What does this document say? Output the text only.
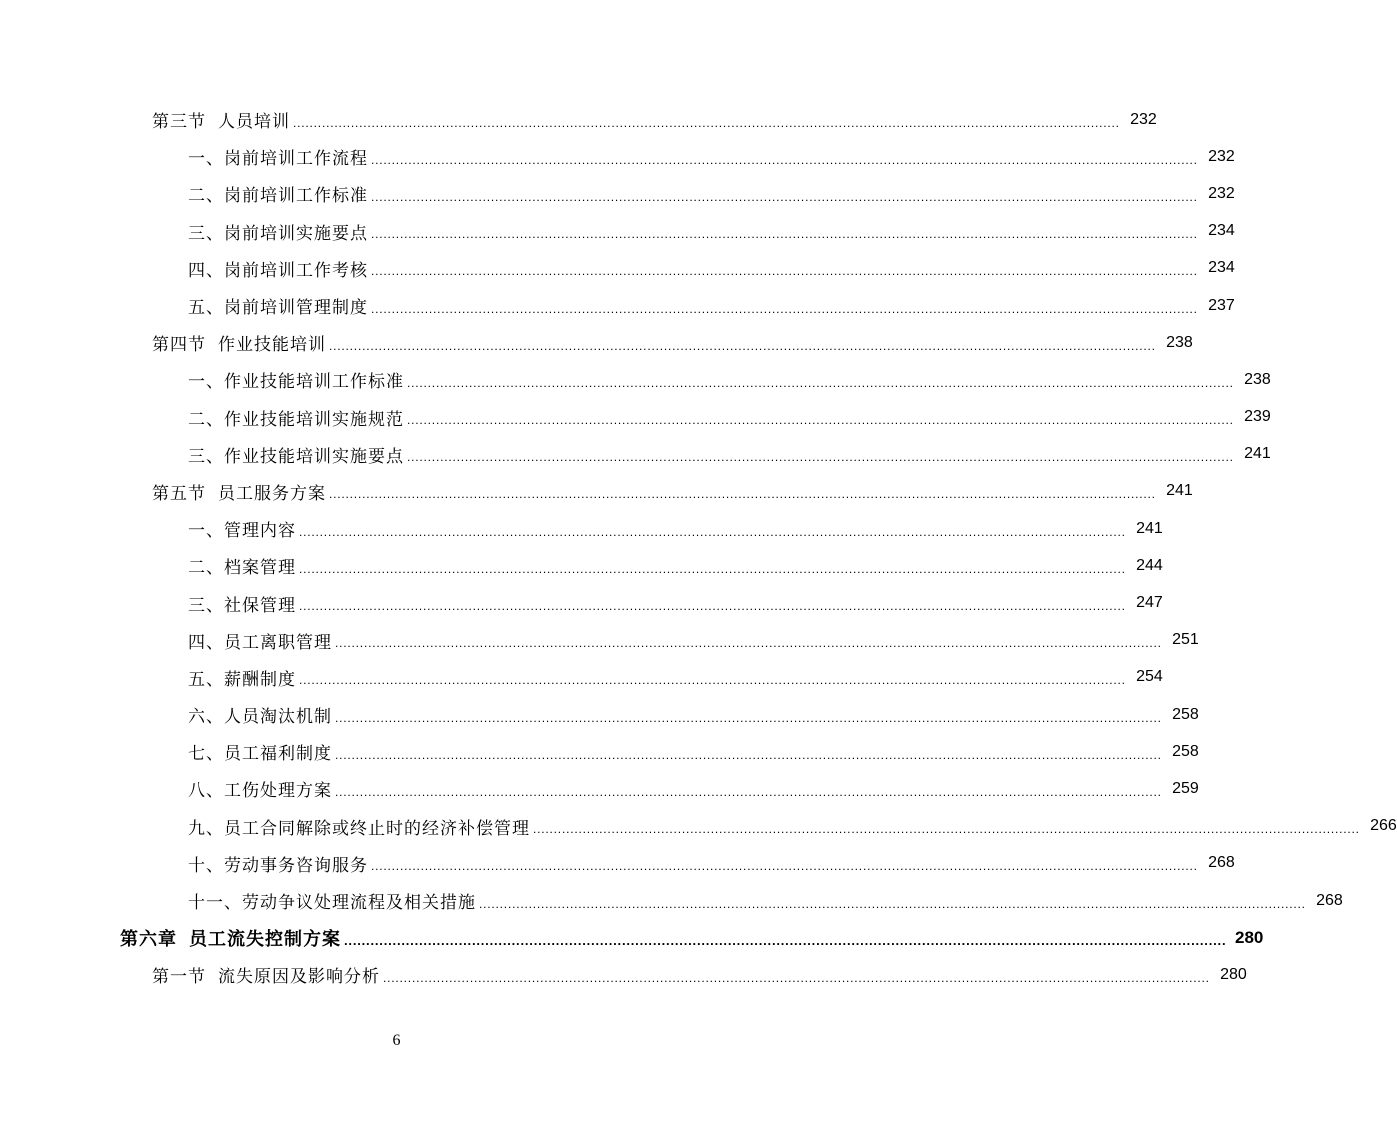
第三节 人员培训 ........................................................................................................................................................................................................ 232
一、岗前培训工作流程 ........................................................................................................................................................................................................ 232
二、岗前培训工作标准 ........................................................................................................................................................................................................ 232
三、岗前培训实施要点 ........................................................................................................................................................................................................ 234
四、岗前培训工作考核 ........................................................................................................................................................................................................ 234
五、岗前培训管理制度 ........................................................................................................................................................................................................ 237
第四节 作业技能培训 ........................................................................................................................................................................................................ 238
一、作业技能培训工作标准 ........................................................................................................................................................................................................ 238
二、作业技能培训实施规范 ........................................................................................................................................................................................................ 239
三、作业技能培训实施要点 ........................................................................................................................................................................................................ 241
第五节 员工服务方案 ........................................................................................................................................................................................................ 241
一、管理内容 ........................................................................................................................................................................................................ 241
二、档案管理 ........................................................................................................................................................................................................ 244
三、社保管理 ........................................................................................................................................................................................................ 247
四、员工离职管理 ........................................................................................................................................................................................................ 251
五、薪酬制度 ........................................................................................................................................................................................................ 254
六、人员淘汰机制 ........................................................................................................................................................................................................ 258
七、员工福利制度 ........................................................................................................................................................................................................ 258
八、工伤处理方案 ........................................................................................................................................................................................................ 259
九、员工合同解除或终止时的经济补偿管理 ........................................................................................................................................................................................................ 266
十、劳动事务咨询服务 ........................................................................................................................................................................................................ 268
十一、劳动争议处理流程及相关措施 ........................................................................................................................................................................................................ 268
第六章 员工流失控制方案 ........................................................................................................................................................................................................ 280
第一节 流失原因及影响分析 ........................................................................................................................................................................................................ 280
6
